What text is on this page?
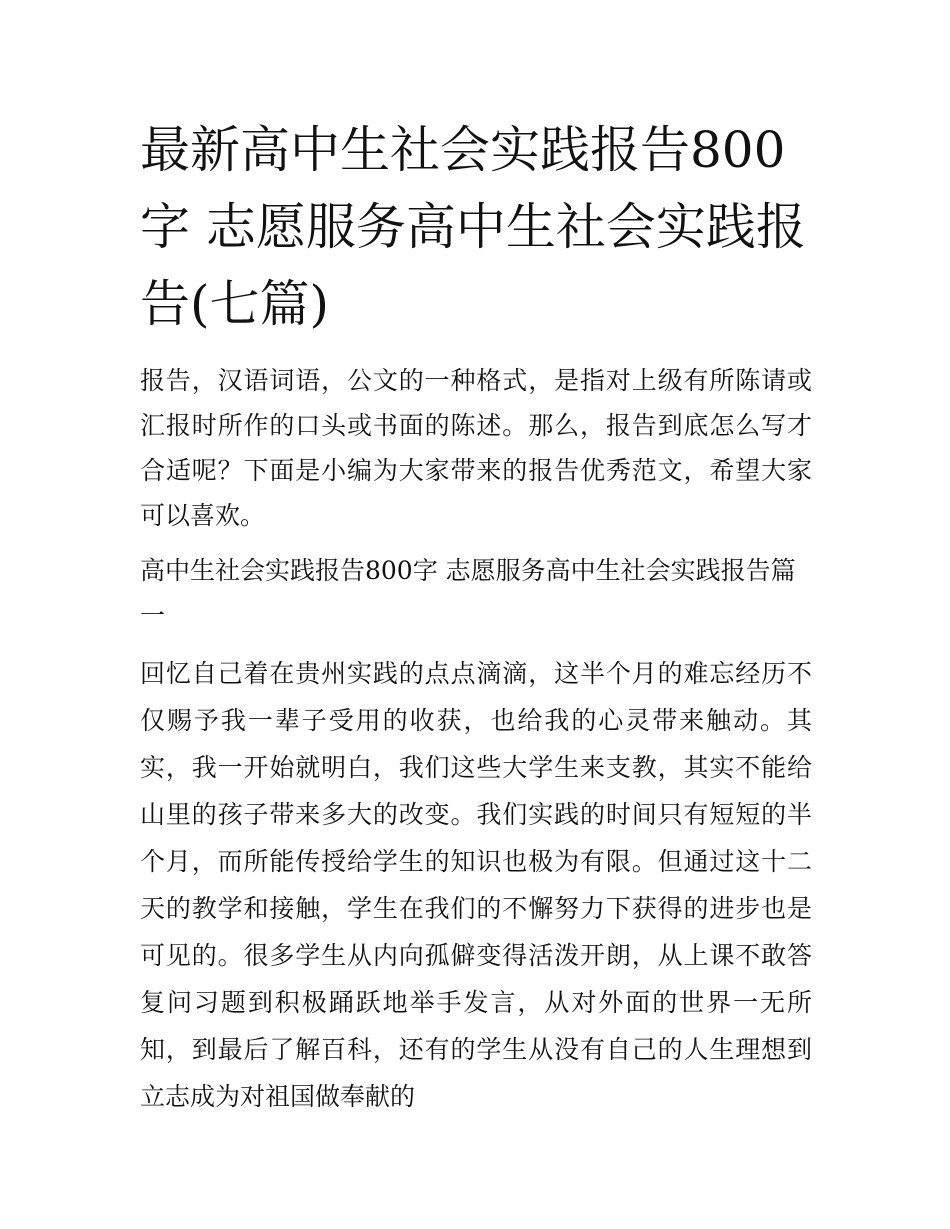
最新高中生社会实践报告800字 志愿服务高中生社会实践报告(七篇)

报告，汉语词语，公文的一种格式，是指对上级有所陈请或汇报时所作的口头或书面的陈述。那么，报告到底怎么写才合适呢？下面是小编为大家带来的报告优秀范文，希望大家可以喜欢。

高中生社会实践报告800字 志愿服务高中生社会实践报告篇一

回忆自己着在贵州实践的点点滴滴，这半个月的难忘经历不仅赐予我一辈子受用的收获，也给我的心灵带来触动。其实，我一开始就明白，我们这些大学生来支教，其实不能给山里的孩子带来多大的改变。我们实践的时间只有短短的半个月，而所能传授给学生的知识也极为有限。但通过这十二天的教学和接触，学生在我们的不懈努力下获得的进步也是可见的。很多学生从内向孤僻变得活泼开朗，从上课不敢答复问习题到积极踊跃地举手发言，从对外面的世界一无所知，到最后了解百科，还有的学生从没有自己的人生理想到立志成为对祖国做奉献的
